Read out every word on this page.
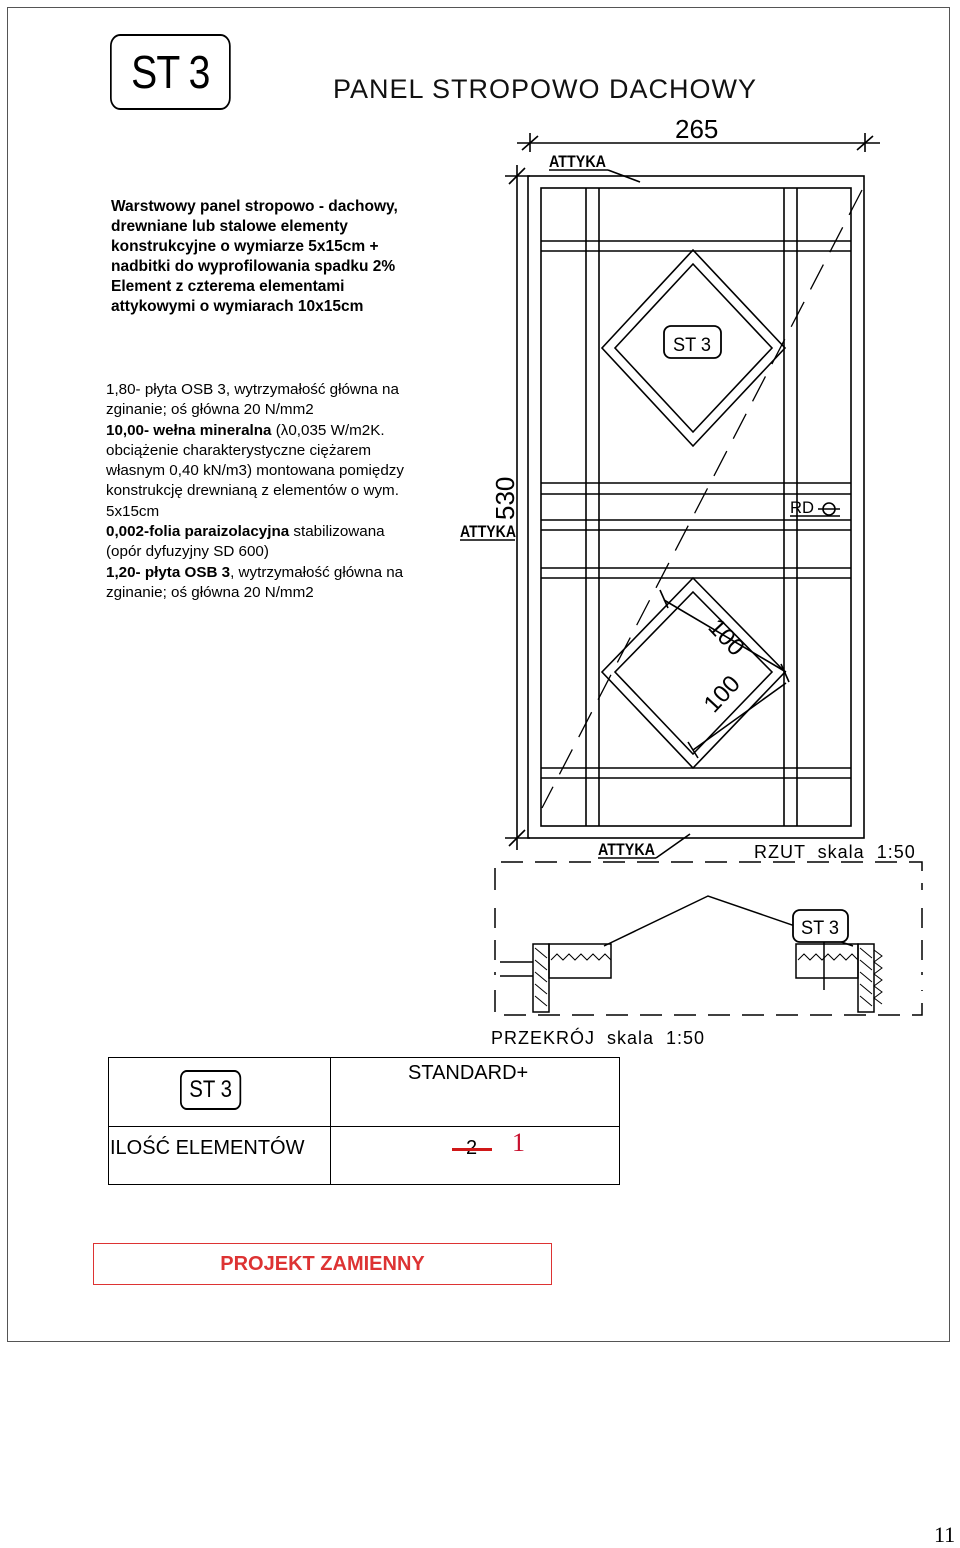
ST 3	PANEL STROPOWO DACHOWY
Warstwowy panel stropowo - dachowy,
drewniane lub stalowe elementy
konstrukcyjne o wymiarze 5x15cm +
nadbitki do wyprofilowania spadku 2%
Element z czterema elementami
attykowymi o wymiarach 10x15cm
1,80- płyta OSB 3, wytrzymałość główna na
zginanie; oś główna 20 N/mm2
10,00- wełna mineralna (λ0,035 W/m2K.
obciążenie charakterystyczne ciężarem
własnym 0,40 kN/m3) montowana pomiędzy
konstrukcję drewnianą z elementów o wym.
5x15cm
0,002-folia paraizolacyjna stabilizowana
(opór dyfuzyjny SD 600)
1,20- płyta OSB 3, wytrzymałość główna na
zginanie; oś główna 20 N/mm2
265
530
100
100
ATTYKA
ATTYKA
ATTYKA
ST 3
RD
RZUT  skala  1:50
ST 3
PRZEKRÓJ  skala  1:50
ST 3
STANDARD+
ILOŚĆ ELEMENTÓW	1
PROJEKT ZAMIENNY
11
